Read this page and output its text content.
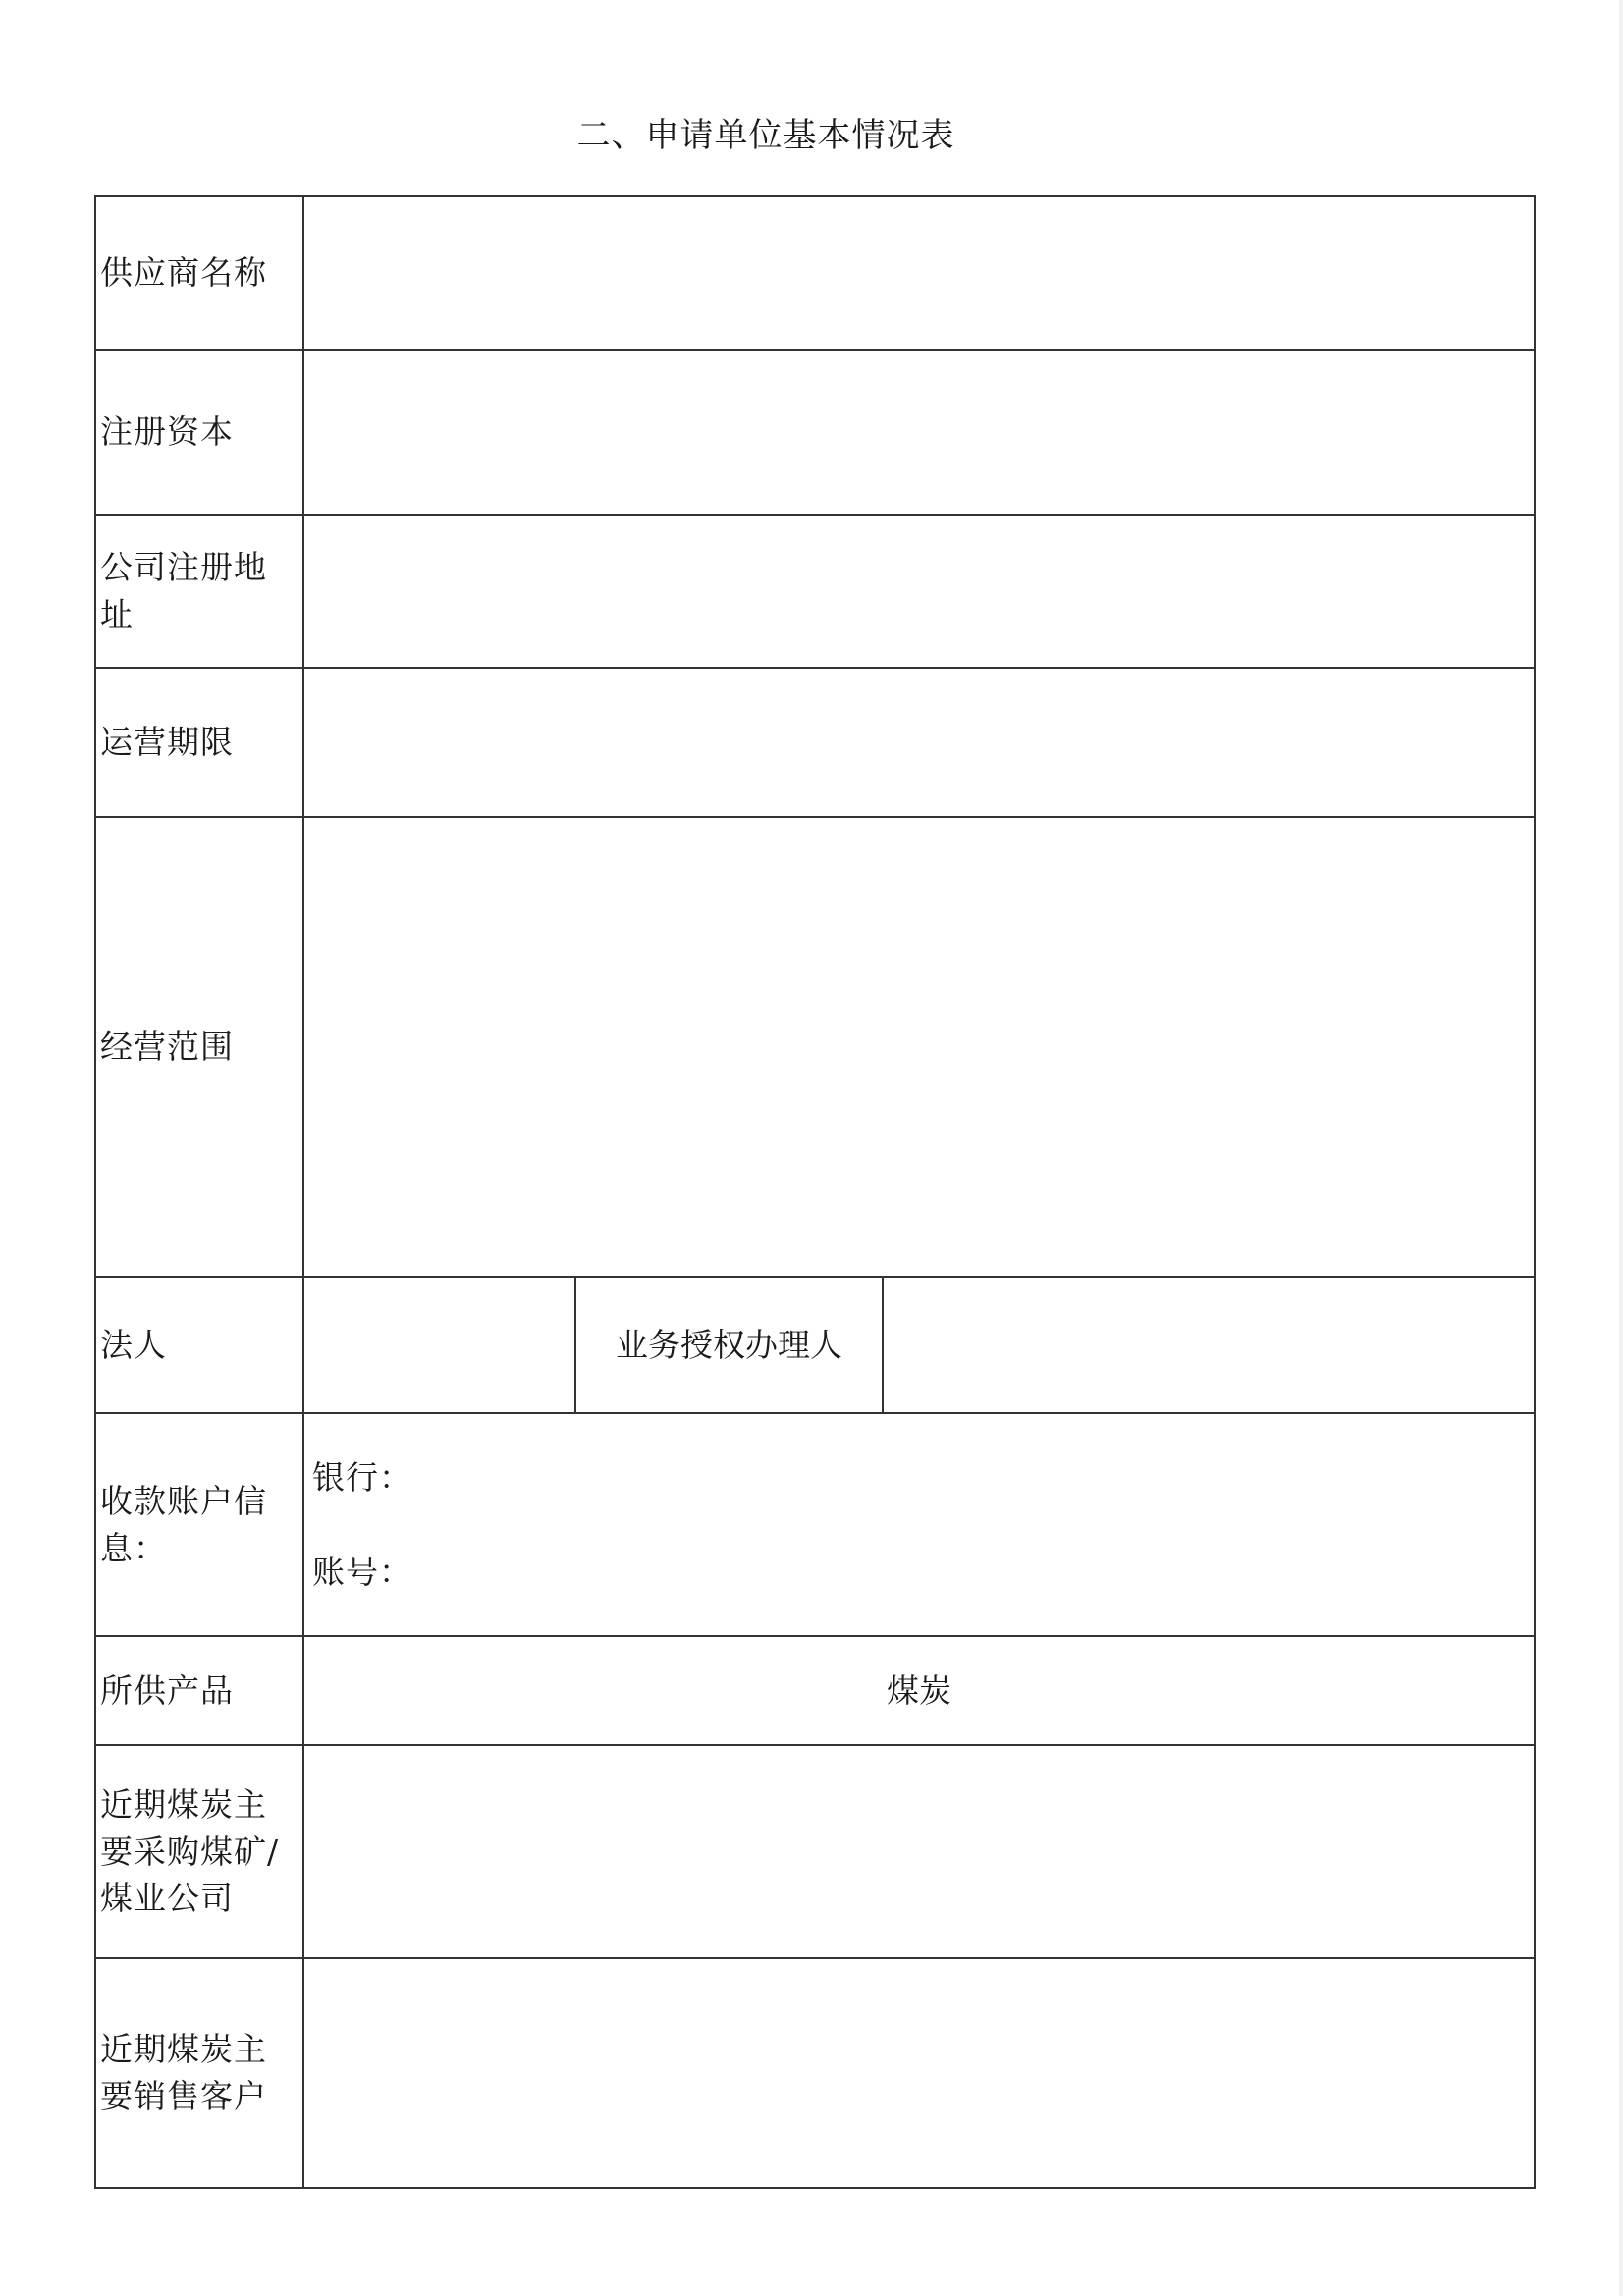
二、申请单位基本情况表
供应商名称			
注册资本			
公司注册地址			
运营期限			
经营范围			
法人		业务授权办理人	
收款账户信息：	银行：
账号：		

所供产品	煤炭		
近期煤炭主要采购煤矿/煤业公司			
近期煤炭主要销售客户			
